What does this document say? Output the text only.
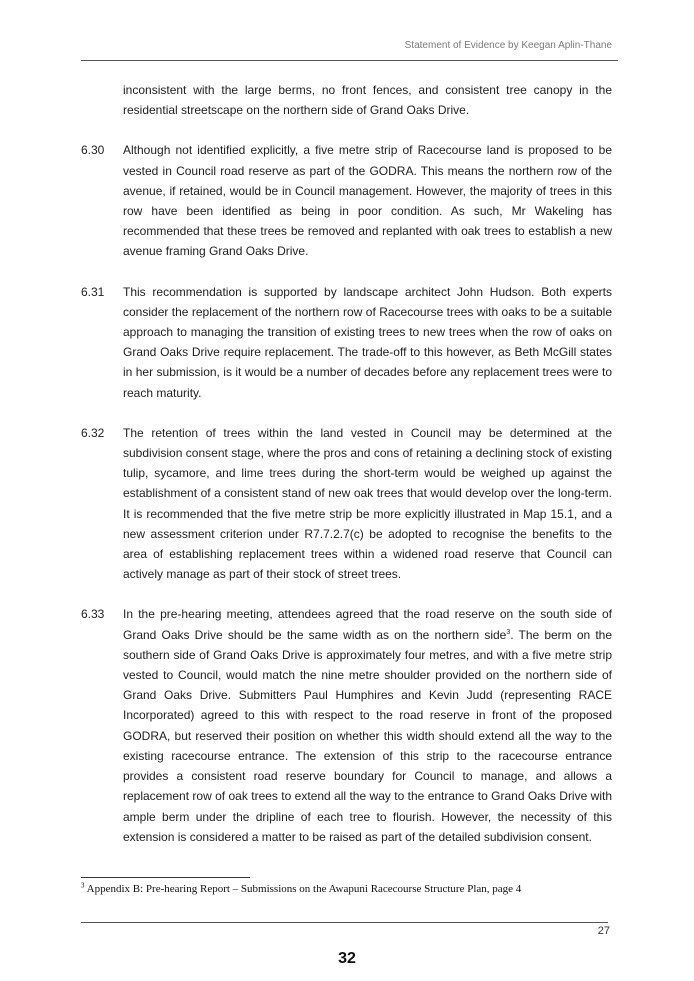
Statement of Evidence by Keegan Aplin-Thane
inconsistent with the large berms, no front fences, and consistent tree canopy in the residential streetscape on the northern side of Grand Oaks Drive.
6.30	Although not identified explicitly, a five metre strip of Racecourse land is proposed to be vested in Council road reserve as part of the GODRA. This means the northern row of the avenue, if retained, would be in Council management. However, the majority of trees in this row have been identified as being in poor condition. As such, Mr Wakeling has recommended that these trees be removed and replanted with oak trees to establish a new avenue framing Grand Oaks Drive.
6.31	This recommendation is supported by landscape architect John Hudson. Both experts consider the replacement of the northern row of Racecourse trees with oaks to be a suitable approach to managing the transition of existing trees to new trees when the row of oaks on Grand Oaks Drive require replacement. The trade-off to this however, as Beth McGill states in her submission, is it would be a number of decades before any replacement trees were to reach maturity.
6.32	The retention of trees within the land vested in Council may be determined at the subdivision consent stage, where the pros and cons of retaining a declining stock of existing tulip, sycamore, and lime trees during the short-term would be weighed up against the establishment of a consistent stand of new oak trees that would develop over the long-term. It is recommended that the five metre strip be more explicitly illustrated in Map 15.1, and a new assessment criterion under R7.7.2.7(c) be adopted to recognise the benefits to the area of establishing replacement trees within a widened road reserve that Council can actively manage as part of their stock of street trees.
6.33	In the pre-hearing meeting, attendees agreed that the road reserve on the south side of Grand Oaks Drive should be the same width as on the northern side$^3$. The berm on the southern side of Grand Oaks Drive is approximately four metres, and with a five metre strip vested to Council, would match the nine metre shoulder provided on the northern side of Grand Oaks Drive. Submitters Paul Humphires and Kevin Judd (representing RACE Incorporated) agreed to this with respect to the road reserve in front of the proposed GODRA, but reserved their position on whether this width should extend all the way to the existing racecourse entrance. The extension of this strip to the racecourse entrance provides a consistent road reserve boundary for Council to manage, and allows a replacement row of oak trees to extend all the way to the entrance to Grand Oaks Drive with ample berm under the dripline of each tree to flourish. However, the necessity of this extension is considered a matter to be raised as part of the detailed subdivision consent.
$^3$ Appendix B: Pre-hearing Report – Submissions on the Awapuni Racecourse Structure Plan, page 4
27
32
